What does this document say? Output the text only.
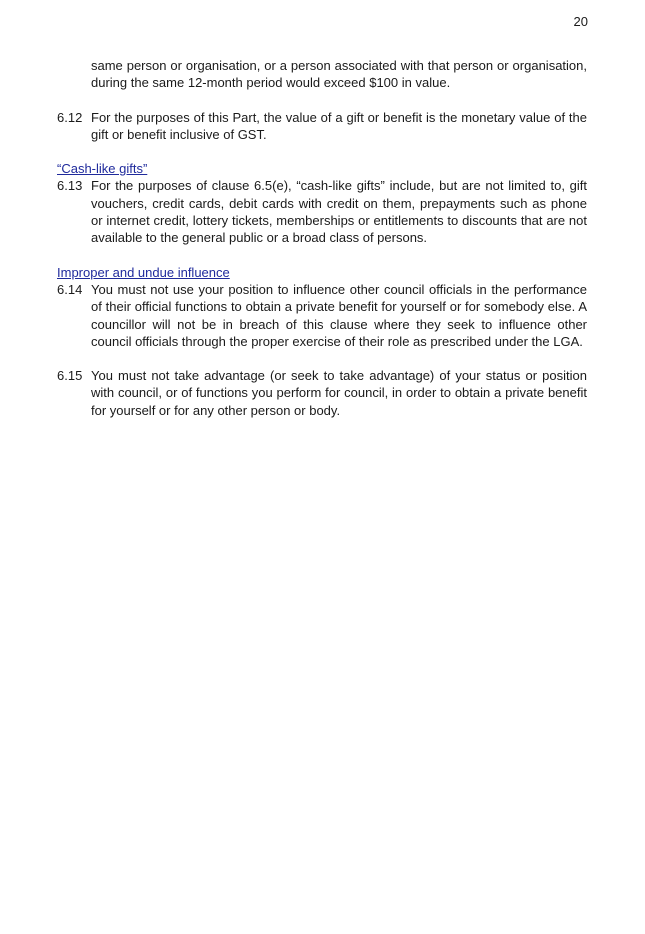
20
same person or organisation, or a person associated with that person or organisation, during the same 12-month period would exceed $100 in value.
6.12 For the purposes of this Part, the value of a gift or benefit is the monetary value of the gift or benefit inclusive of GST.
“Cash-like gifts”
6.13 For the purposes of clause 6.5(e), “cash-like gifts” include, but are not limited to, gift vouchers, credit cards, debit cards with credit on them, prepayments such as phone or internet credit, lottery tickets, memberships or entitlements to discounts that are not available to the general public or a broad class of persons.
Improper and undue influence
6.14 You must not use your position to influence other council officials in the performance of their official functions to obtain a private benefit for yourself or for somebody else. A councillor will not be in breach of this clause where they seek to influence other council officials through the proper exercise of their role as prescribed under the LGA.
6.15 You must not take advantage (or seek to take advantage) of your status or position with council, or of functions you perform for council, in order to obtain a private benefit for yourself or for any other person or body.
